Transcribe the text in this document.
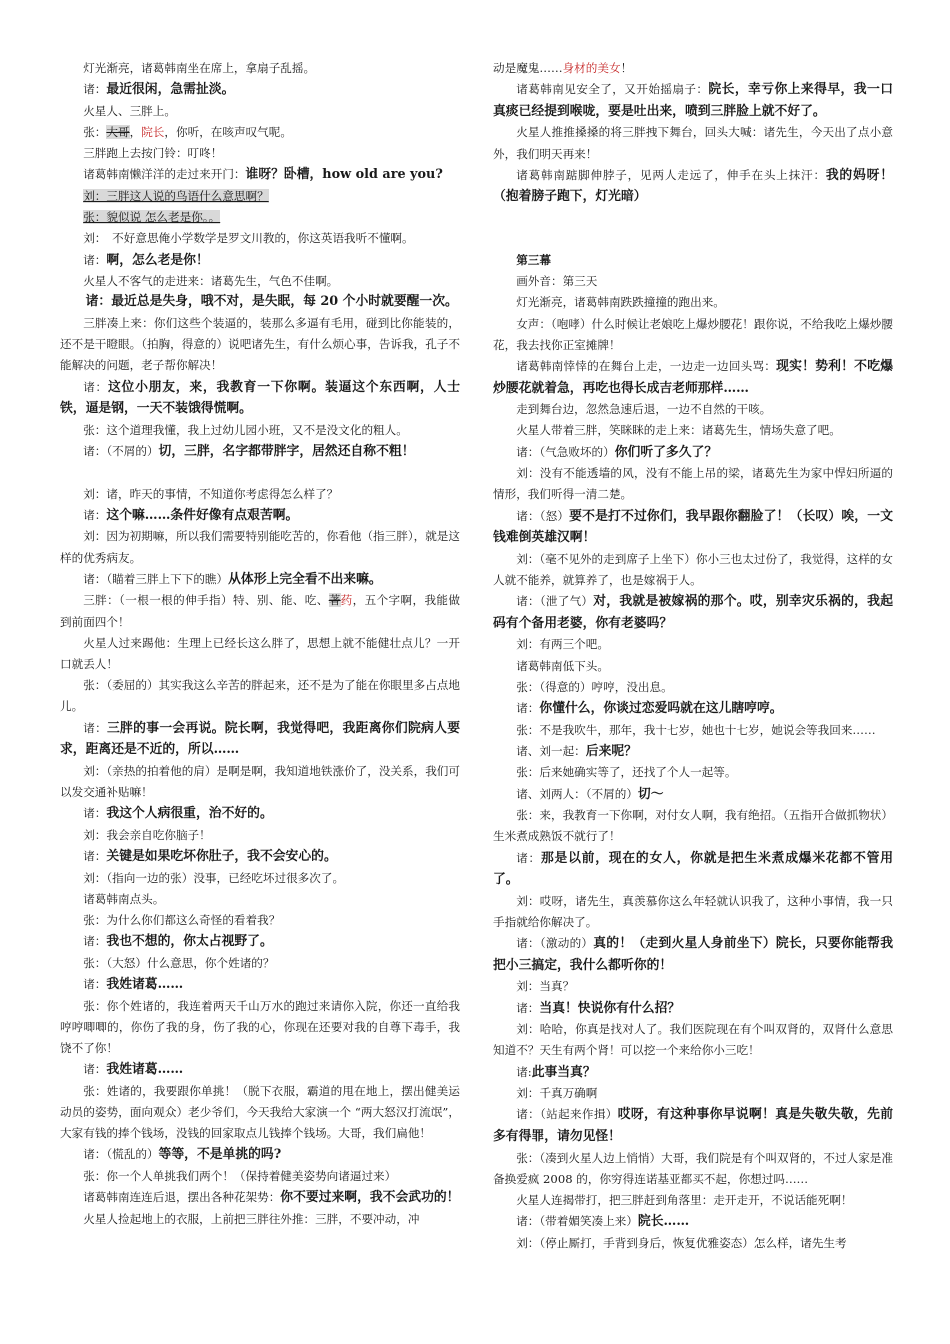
灯光渐亮，诸葛韩南坐在席上，拿扇子乱摇。

诸：最近很闲，急需扯淡。

火星人、三胖上。

张：大哥，院长，你听，在咳声叹气呢。

三胖跑上去按门铃：叮咚！

诸葛韩南懒洋洋的走过来开门：谁呀？卧槽，how old are you?

刘：三胖这人说的鸟语什么意思啊？

张：貌似说 怎么老是你。。

刘：　不好意思俺小学数学是罗文川教的，你这英语我听不懂啊。

诸：啊，怎么老是你！

火星人不客气的走进来：诸葛先生，气色不佳啊。

诸：最近总是失身，哦不对，是失眠，每 20 个小时就要醒一次。

三胖凑上来：你们这些个装逼的，装那么多逼有毛用，碰到比你能装的，还不是干瞪眼。（拍胸，得意的）说吧诸先生，有什么烦心事，告诉我，孔子不能解决的问题，老子帮你解决！

诸：这位小朋友，来，我教育一下你啊。装逼这个东西啊，人士铁，逼是钢，一天不装饿得慌啊。

张：这个道理我懂，我上过幼儿园小班，又不是没文化的粗人。

诸：（不屑的）切，三胖，名字都带胖字，居然还自称不粗！

刘：诸，昨天的事情，不知道你考虑得怎么样了？

诸：这个嘛……条件好像有点艰苦啊。

刘：因为初期嘛，所以我们需要特别能吃苦的，你看他（指三胖），就是这样的优秀病友。

诸：（瞄着三胖上下下的瞧）从体形上完全看不出来嘛。

三胖：（一根一根的伸手指）特、别、能、吃、著药，五个字啊，我能做到前面四个！

火星人过来踢他：生理上已经长这么胖了，思想上就不能健壮点儿？一开口就丢人！

张：（委屈的）其实我这么辛苦的胖起来，还不是为了能在你眼里多占点地儿。

诸：三胖的事一会再说。院长啊，我觉得吧，我距离你们院病人要求，距离还是不近的，所以……

刘：（亲热的拍着他的肩）是啊是啊，我知道地铁涨价了，没关系，我们可以发交通补贴嘛！

诸：我这个人病很重，治不好的。

刘：我会亲自吃你脑子！

诸：关键是如果吃坏你肚子，我不会安心的。

刘：（指向一边的张）没事，已经吃坏过很多次了。

诸葛韩南点头。

张：为什么你们都这么奇怪的看着我？

诸：我也不想的，你太占视野了。

张：（大怒）什么意思，你个姓诸的？

诸：我姓诸葛……

张：你个姓诸的，我连着两天千山万水的跑过来请你入院，你还一直给我哼哼唧唧的，你伤了我的身，伤了我的心，你现在还要对我的自尊下毒手，我饶不了你！

诸：我姓诸葛……

张：姓诸的，我要跟你单挑！（脱下衣服，霸道的甩在地上，摆出健美运动员的姿势，面向观众）老少爷们，今天我给大家演一个 “两大怒汉打流氓”，大家有钱的捧个钱场，没钱的回家取点儿钱捧个钱场。大哥，我们扁他！

诸：（慌乱的）等等，不是单挑的吗?

张：你一个人单挑我们两个！（保持着健美姿势向诸逼过来）

诸葛韩南连连后退，摆出各种花架势：你不要过来啊，我不会武功的！

火星人捡起地上的衣服，上前把三胖往外推：三胖，不要冲动，冲

动是魔鬼……身材的美女！

诸葛韩南见安全了，又开始摇扇子：院长，幸亏你上来得早，我一口真痰已经提到喉咙，要是吐出来，喷到三胖脸上就不好了。

火星人推推搡搡的将三胖拽下舞台，回头大喊：诸先生，今天出了点小意外，我们明天再来！

诸葛韩南踮脚伸脖子，见两人走远了，伸手在头上抹汗：我的妈呀！（抱着膀子跑下，灯光暗）

第三幕

画外音：第三天

灯光渐亮，诸葛韩南跌跌撞撞的跑出来。

女声：（咆哮）什么时候让老娘吃上爆炒腰花！跟你说，不给我吃上爆炒腰花，我去找你正室摊牌！

诸葛韩南悻悻的在舞台上走，一边走一边回头骂：现实！势利！不吃爆炒腰花就着急，再吃也得长成吉老师那样……

走到舞台边，忽然急速后退，一边不自然的干咳。

火星人带着三胖，笑眯眯的走上来：诸葛先生，情场失意了吧。

诸：（气急败坏的）你们听了多久了？

刘：没有不能透墙的风，没有不能上吊的梁，诸葛先生为家中悍妇所逼的情形，我们听得一清二楚。

诸：（怒）要不是打不过你们，我早跟你翻脸了！（长叹）唉，一文钱难倒英雄汉啊！

刘：（毫不见外的走到席子上坐下）你小三也太过份了，我觉得，这样的女人就不能养，就算养了，也是嫁祸于人。

诸：（泄了气）对，我就是被嫁祸的那个。哎，别幸灾乐祸的，我起码有个备用老婆，你有老婆吗？

刘：有两三个吧。

诸葛韩南低下头。

张：（得意的）哼哼，没出息。

诸：你懂什么，你谈过恋爱吗就在这儿瞎哼哼。

张：不是我吹牛，那年，我十七岁，她也十七岁，她说会等我回来……

诸、刘一起：后来呢？

张：后来她确实等了，还找了个人一起等。

诸、刘两人：（不屑的）切～

张：来，我教育一下你啊，对付女人啊，我有绝招。（五指开合做抓物状）生米煮成熟饭不就行了！

诸：那是以前，现在的女人，你就是把生米煮成爆米花都不管用了。

刘：哎呀，诸先生，真羡慕你这么年轻就认识我了，这种小事情，我一只手指就给你解决了。

诸：（激动的）真的！（走到火星人身前坐下）院长，只要你能帮我把小三搞定，我什么都听你的！

刘：当真？

诸：当真！快说你有什么招？

刘：哈哈，你真是找对人了。我们医院现在有个叫双肾的，双肾什么意思知道不？天生有两个肾！可以挖一个来给你小三吃！

诸:此事当真？

刘：千真万确啊

诸：（站起来作揖）哎呀，有这种事你早说啊！真是失敬失敬，先前多有得罪，请勿见怪！

张：（凑到火星人边上悄悄）大哥，我们院是有个叫双肾的，不过人家是准备换爱疯 2008 的，你穷得连诺基亚都买不起，你想过吗……

火星人连揭带打，把三胖赶到角落里：走开走开，不说话能死啊！

诸：（带着媚笑凑上来）院长……

刘：（停止厮打，手背到身后，恢复优雅姿态）怎么样，诸先生考
